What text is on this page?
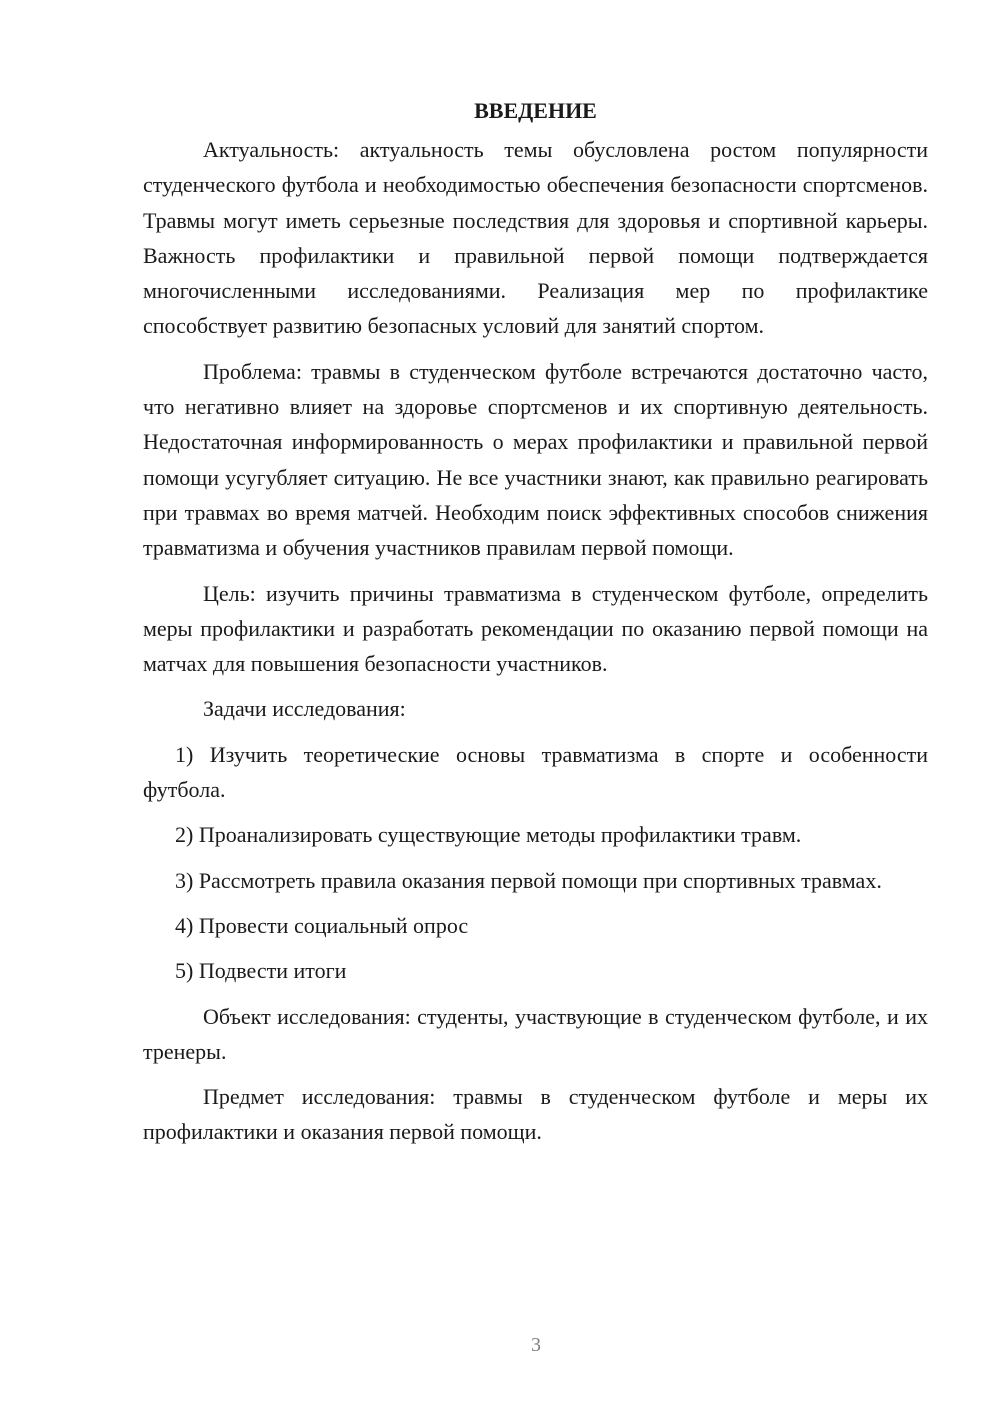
ВВЕДЕНИЕ

Актуальность: актуальность темы обусловлена ростом популярности студенческого футбола и необходимостью обеспечения безопасности спортсменов. Травмы могут иметь серьезные последствия для здоровья и спортивной карьеры. Важность профилактики и правильной первой помощи подтверждается многочисленными исследованиями. Реализация мер по профилактике способствует развитию безопасных условий для занятий спортом.

Проблема: травмы в студенческом футболе встречаются достаточно часто, что негативно влияет на здоровье спортсменов и их спортивную деятельность. Недостаточная информированность о мерах профилактики и правильной первой помощи усугубляет ситуацию. Не все участники знают, как правильно реагировать при травмах во время матчей. Необходим поиск эффективных способов снижения травматизма и обучения участников правилам первой помощи.

Цель: изучить причины травматизма в студенческом футболе, определить меры профилактики и разработать рекомендации по оказанию первой помощи на матчах для повышения безопасности участников.

Задачи исследования:

1) Изучить теоретические основы травматизма в спорте и особенности футбола.

2) Проанализировать существующие методы профилактики травм.

3) Рассмотреть правила оказания первой помощи при спортивных травмах.

4) Провести социальный опрос

5) Подвести итоги

Объект исследования: студенты, участвующие в студенческом футболе, и их тренеры.

Предмет исследования: травмы в студенческом футболе и меры их профилактики и оказания первой помощи.

3
